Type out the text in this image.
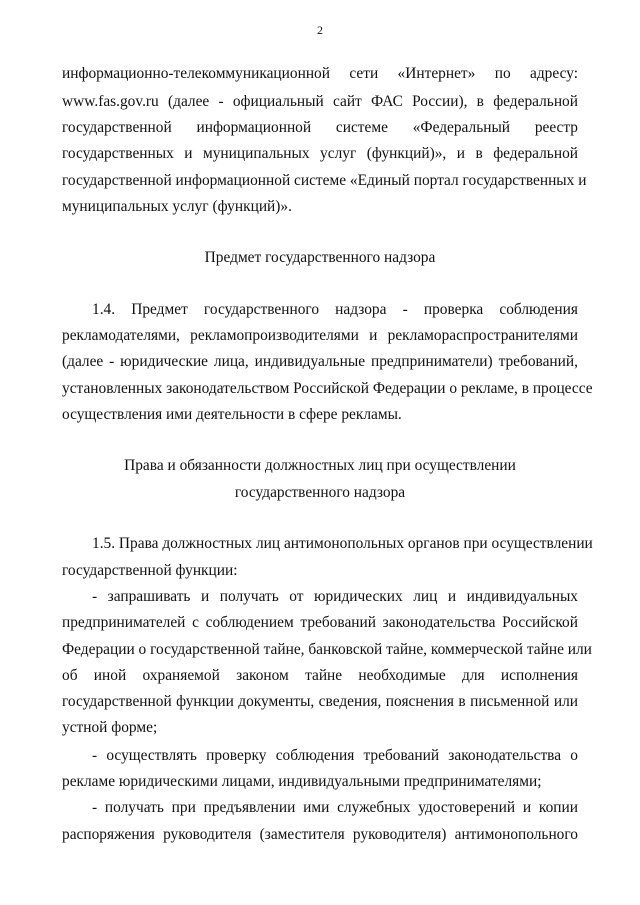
2
информационно-телекоммуникационной сети «Интернет» по адресу:
www.fas.gov.ru (далее - официальный сайт ФАС России), в федеральной
государственной информационной системе «Федеральный реестр
государственных и муниципальных услуг (функций)», и в федеральной
государственной информационной системе «Единый портал государственных и
муниципальных услуг (функций)».
Предмет государственного надзора
1.4. Предмет государственного надзора - проверка соблюдения
рекламодателями, рекламопроизводителями и рекламораспространителями
(далее - юридические лица, индивидуальные предприниматели) требований,
установленных законодательством Российской Федерации о рекламе, в процессе
осуществления ими деятельности в сфере рекламы.
Права и обязанности должностных лиц при осуществлении
государственного надзора
1.5. Права должностных лиц антимонопольных органов при осуществлении
государственной функции:
- запрашивать и получать от юридических лиц и индивидуальных
предпринимателей с соблюдением требований законодательства Российской
Федерации о государственной тайне, банковской тайне, коммерческой тайне или
об иной охраняемой законом тайне необходимые для исполнения
государственной функции документы, сведения, пояснения в письменной или
устной форме;
- осуществлять проверку соблюдения требований законодательства о
рекламе юридическими лицами, индивидуальными предпринимателями;
- получать при предъявлении ими служебных удостоверений и копии
распоряжения руководителя (заместителя руководителя) антимонопольного
